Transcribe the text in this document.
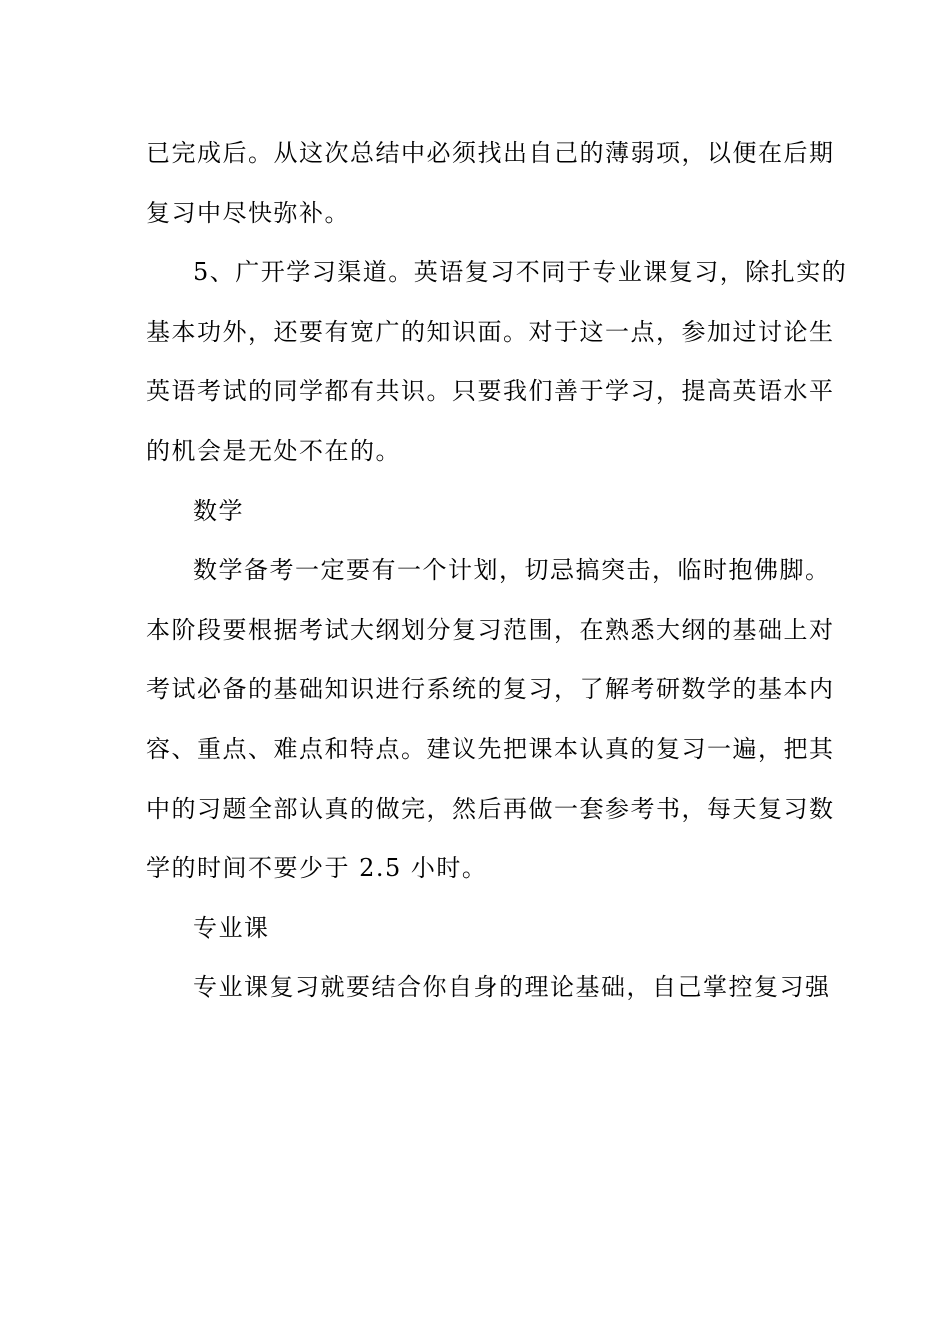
已完成后。从这次总结中必须找出自己的薄弱项，以便在后期
复习中尽快弥补。
5、广开学习渠道。英语复习不同于专业课复习，除扎实的
基本功外，还要有宽广的知识面。对于这一点，参加过讨论生
英语考试的同学都有共识。只要我们善于学习，提高英语水平
的机会是无处不在的。
数学
数学备考一定要有一个计划，切忌搞突击，临时抱佛脚。
本阶段要根据考试大纲划分复习范围，在熟悉大纲的基础上对
考试必备的基础知识进行系统的复习，了解考研数学的基本内
容、重点、难点和特点。建议先把课本认真的复习一遍，把其
中的习题全部认真的做完，然后再做一套参考书，每天复习数
学的时间不要少于 2.5 小时。
专业课
专业课复习就要结合你自身的理论基础，自己掌控复习强
